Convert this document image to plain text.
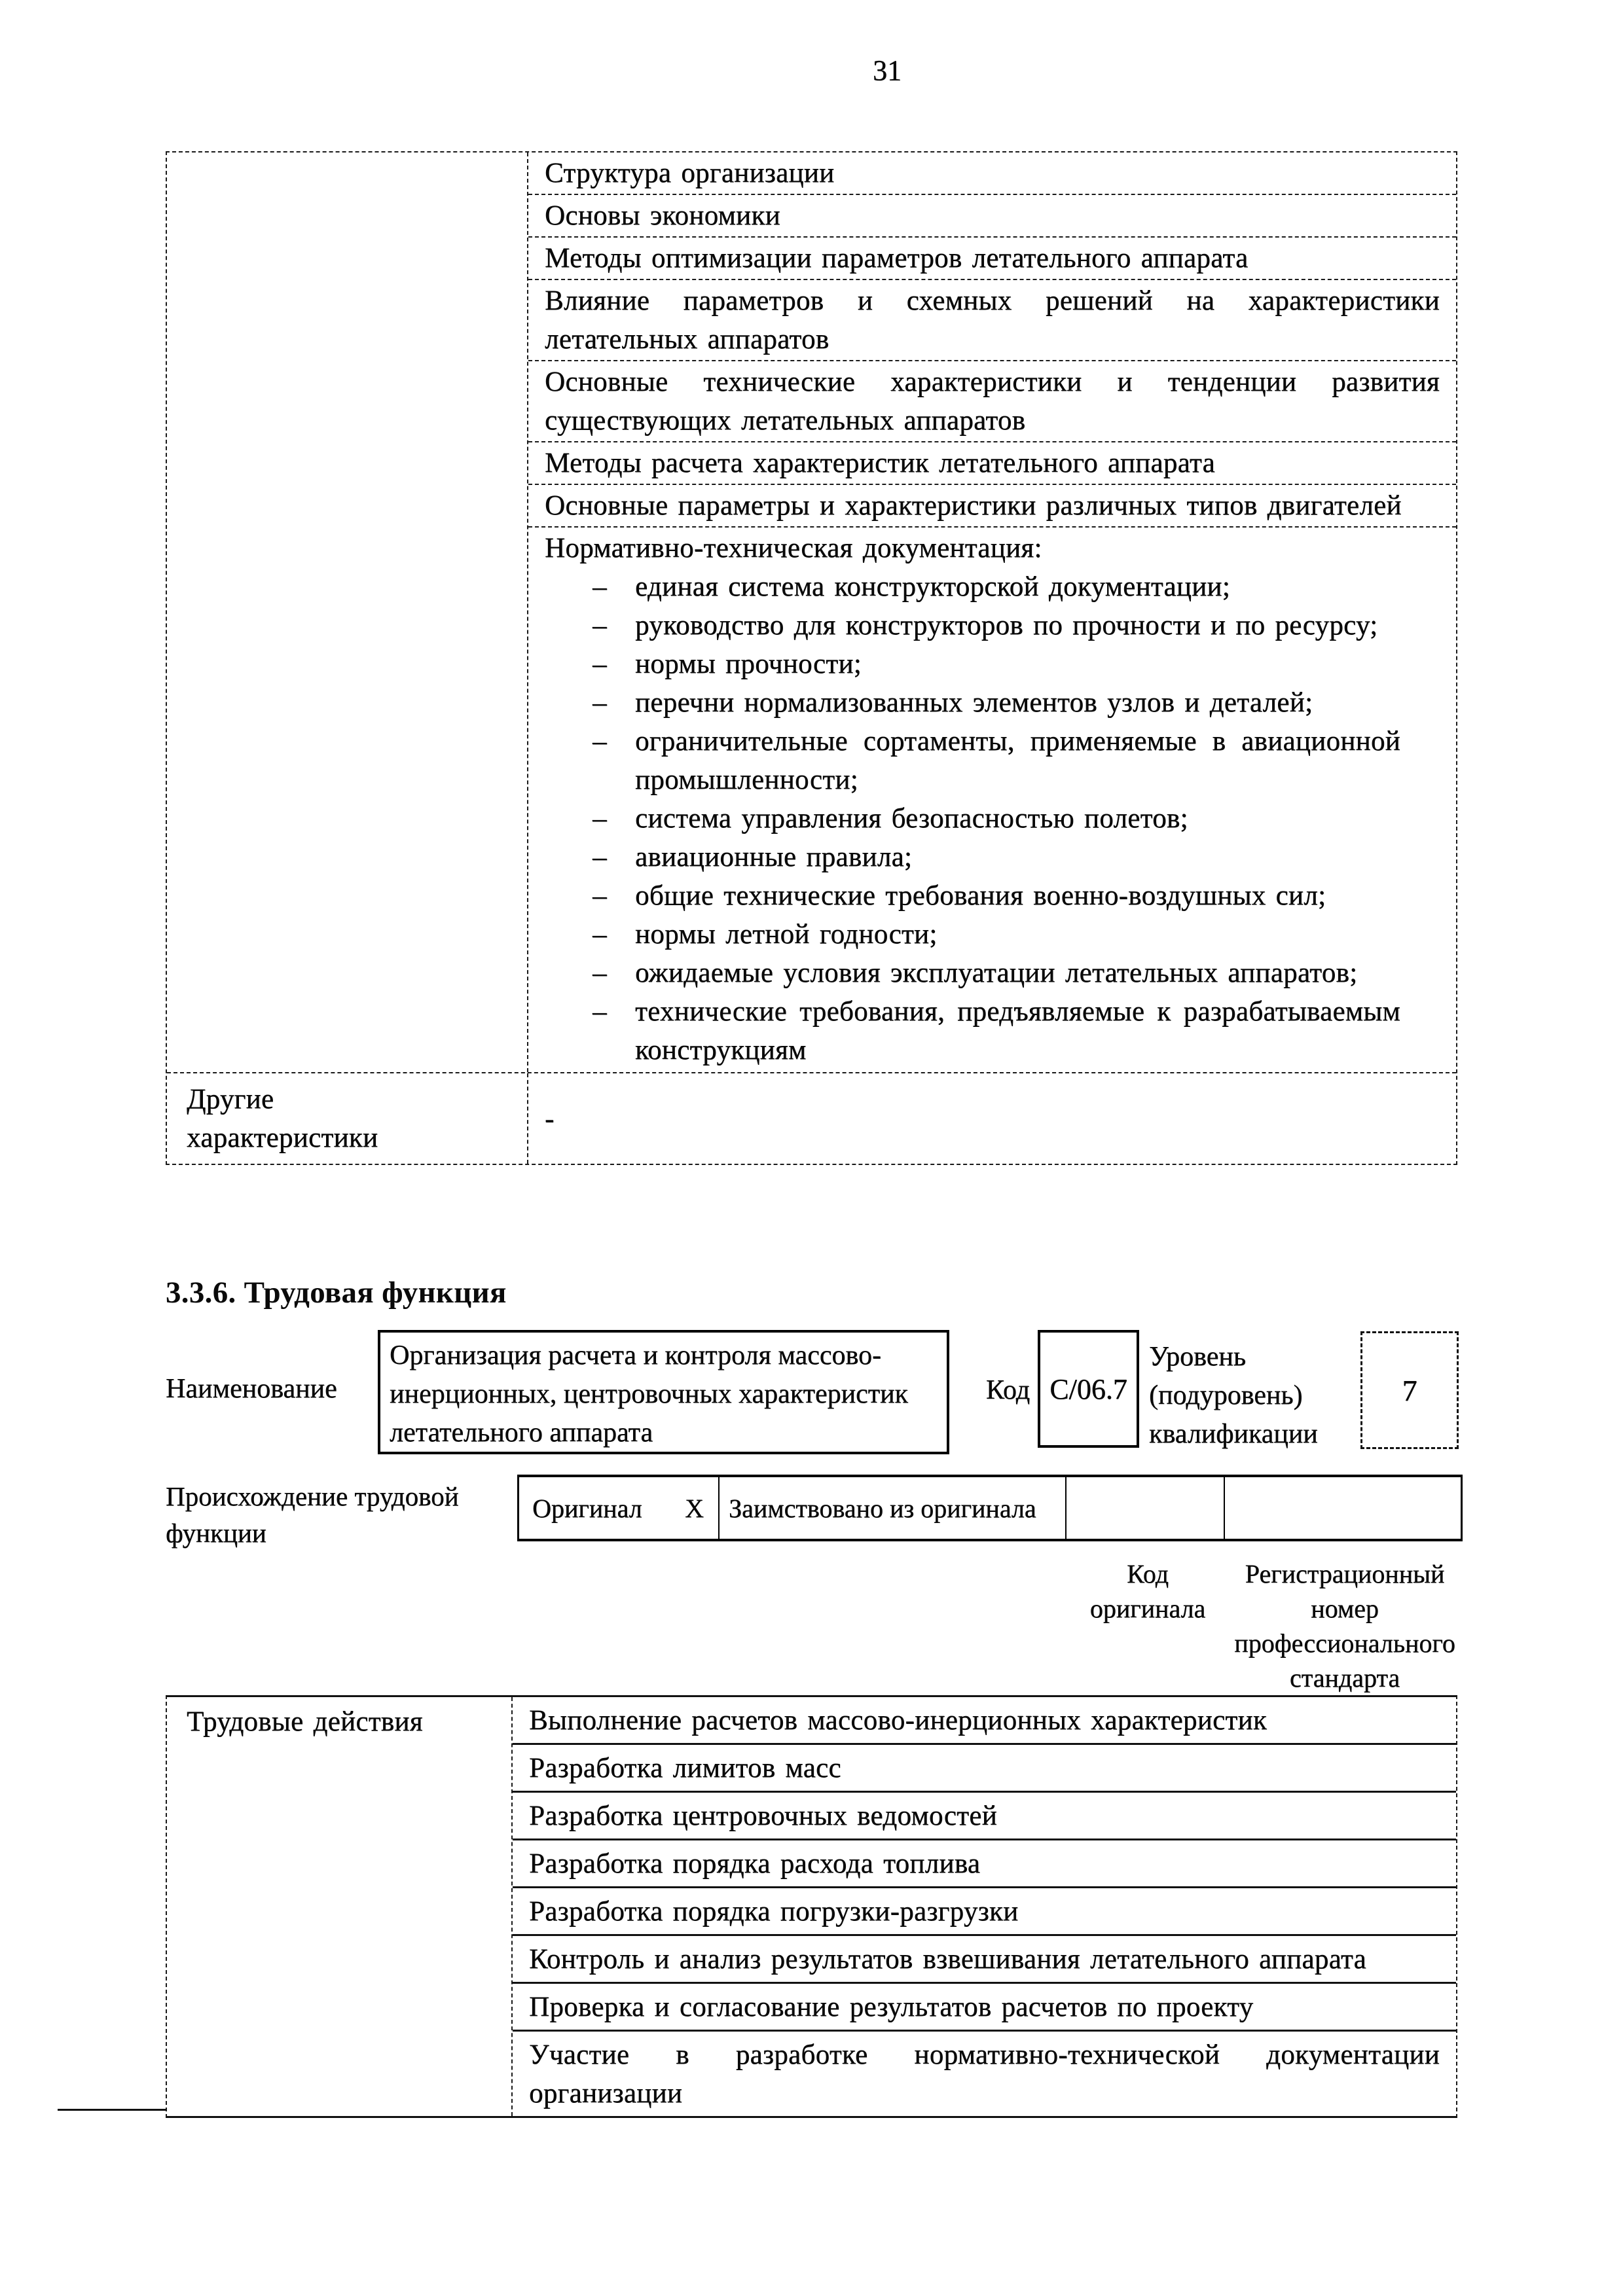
31
Структура организации
Основы экономики
Методы оптимизации параметров летательного аппарата
Влияние параметров и схемных решений на характеристики летательных аппаратов
Основные технические характеристики и тенденции развития существующих летательных аппаратов
Методы расчета характеристик летательного аппарата
Основные параметры и характеристики различных типов двигателей
Нормативно-техническая документация:
– единая система конструкторской документации;
– руководство для конструкторов по прочности и по ресурсу;
– нормы прочности;
– перечни нормализованных элементов узлов и деталей;
– ограничительные сортаменты, применяемые в авиационной промышленности;
– система управления безопасностью полетов;
– авиационные правила;
– общие технические требования военно-воздушных сил;
– нормы летной годности;
– ожидаемые условия эксплуатации летательных аппаратов;
– технические требования, предъявляемые к разрабатываемым конструкциям
Другие характеристики
-
3.3.6. Трудовая функция
Наименование
Организация расчета и контроля массово-инерционных, центровочных характеристик летательного аппарата
Код С/06.7
Уровень (подуровень) квалификации
7
Происхождение трудовой функции
Оригинал X Заимствовано из оригинала
Код оригинала
Регистрационный номер профессионального стандарта
Трудовые действия	Выполнение расчетов массово-инерционных характеристик
Разработка лимитов масс
Разработка центровочных ведомостей
Разработка порядка расхода топлива
Разработка порядка погрузки-разгрузки
Контроль и анализ результатов взвешивания летательного аппарата
Проверка и согласование результатов расчетов по проекту
Участие в разработке нормативно-технической документации организации
